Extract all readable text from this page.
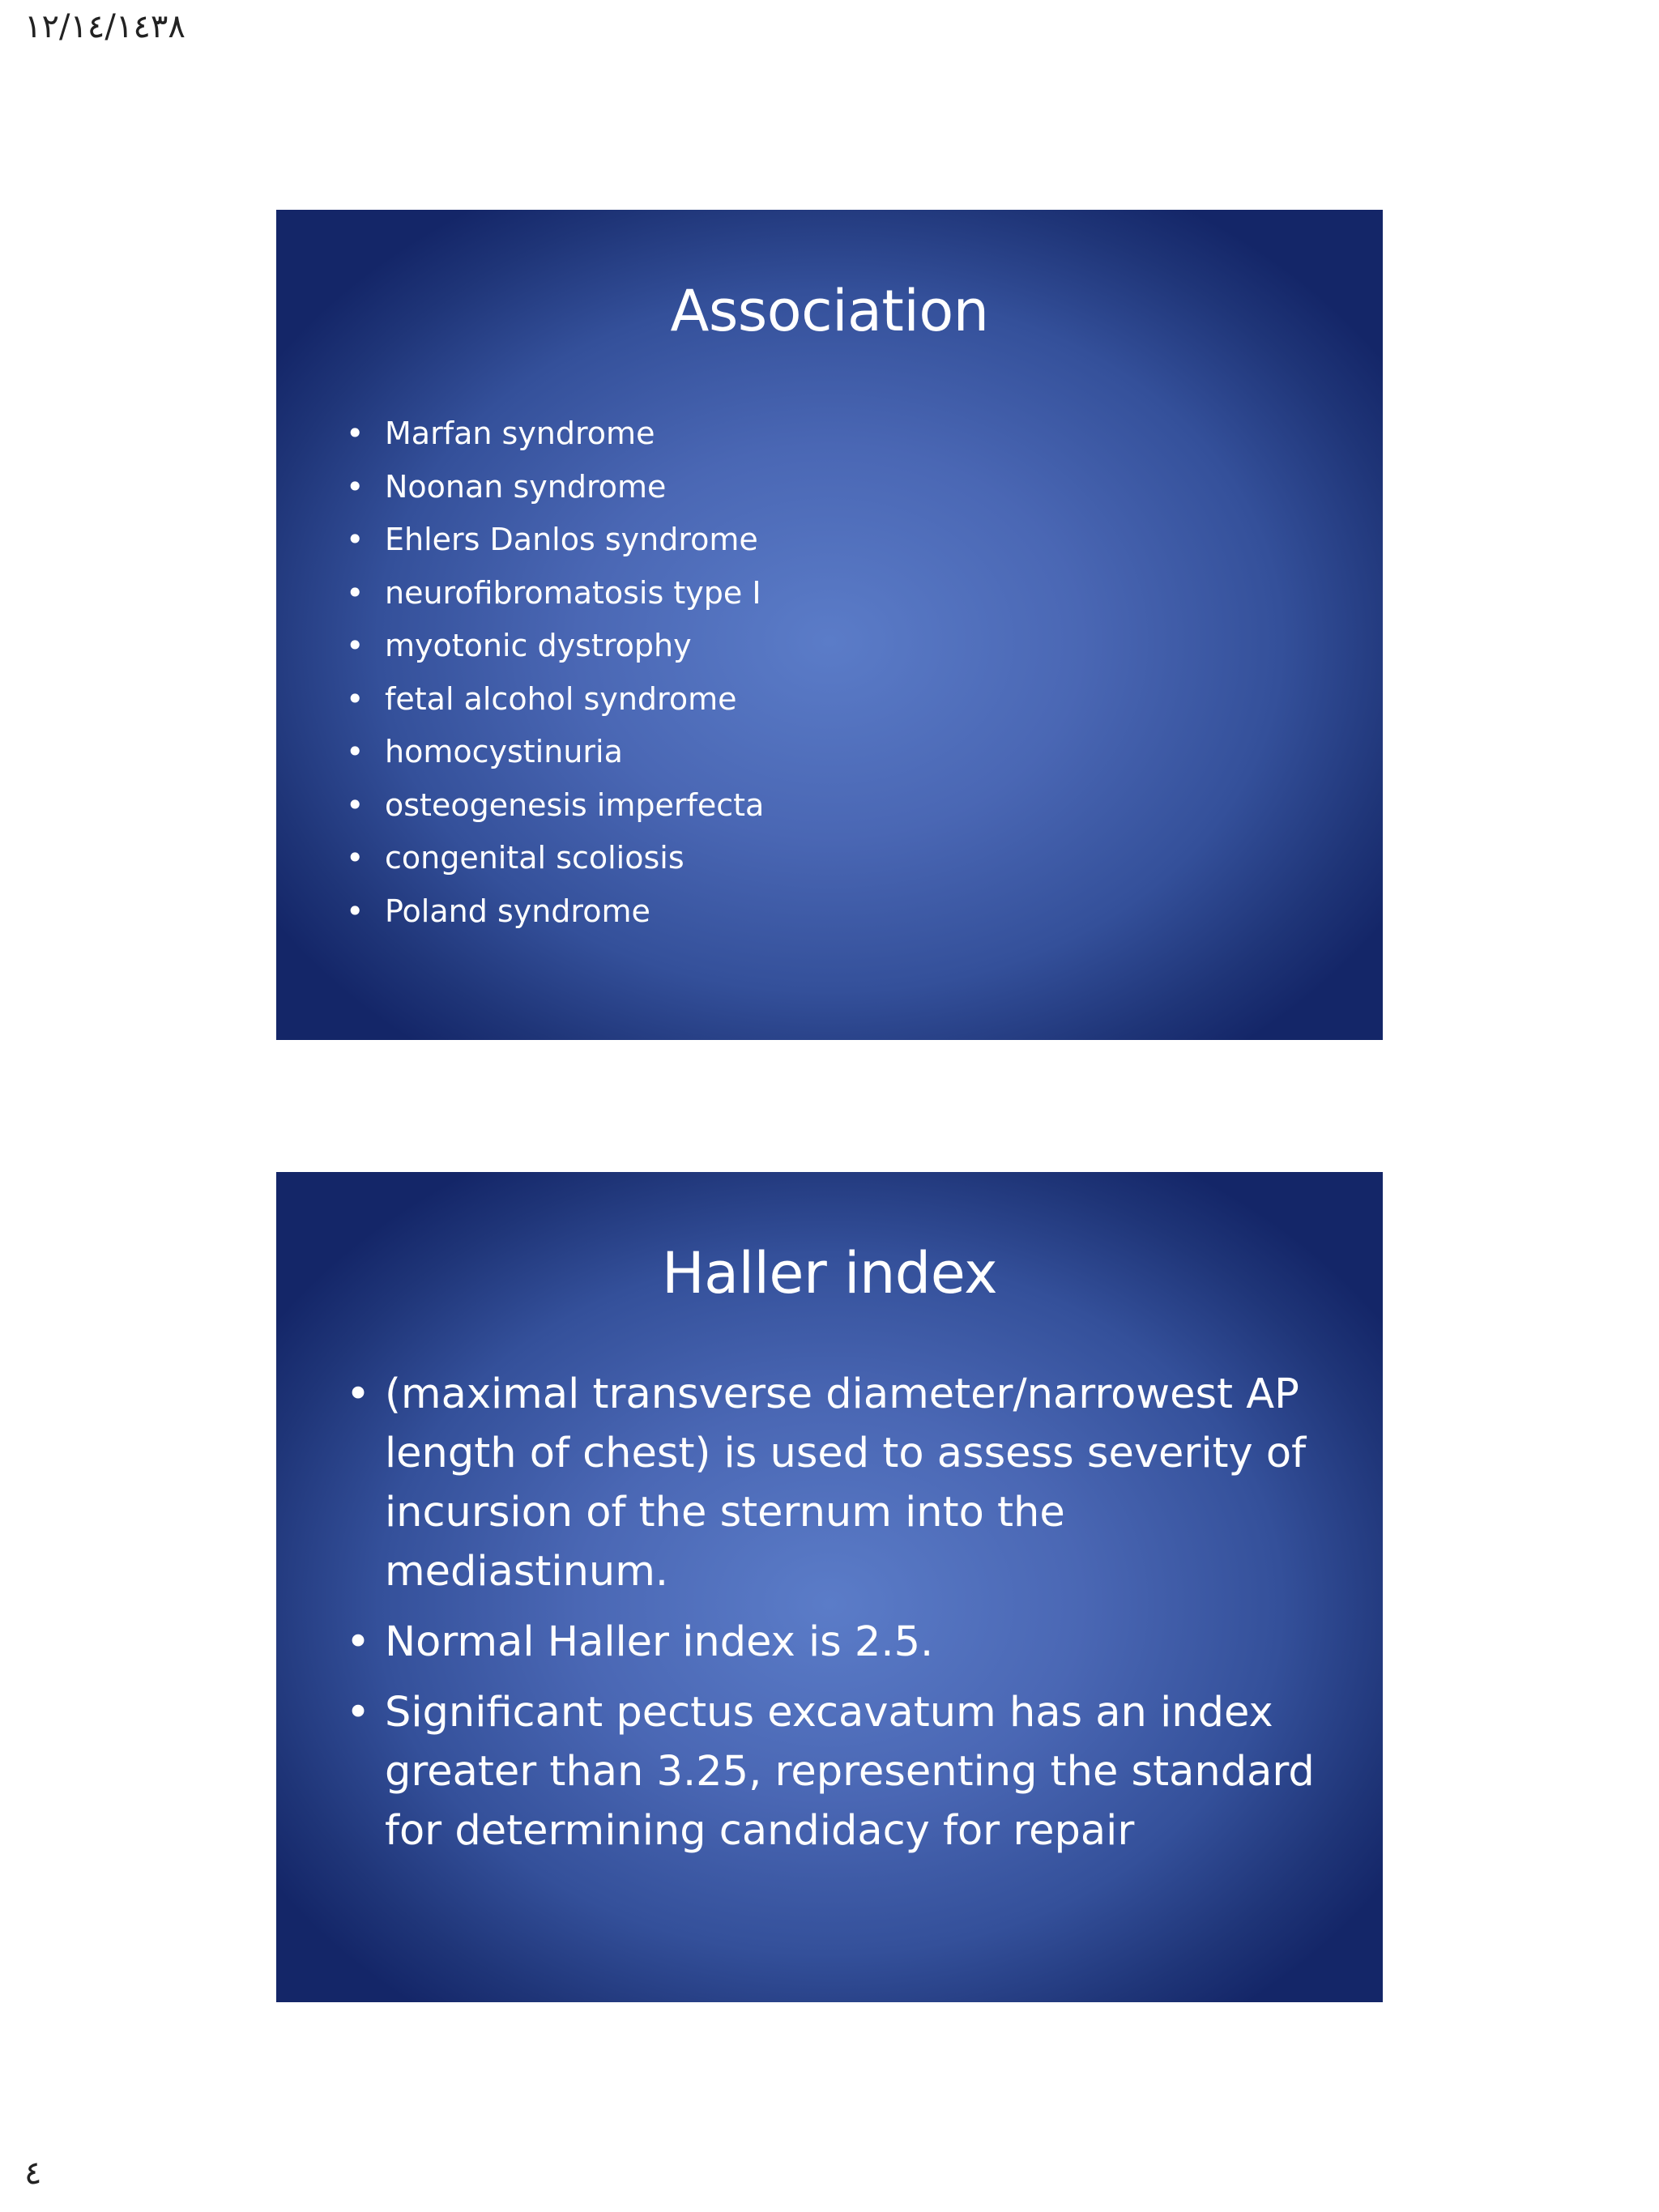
١٢/١٤/١٤٣٨
Association
• Marfan syndrome
• Noonan syndrome
• Ehlers Danlos syndrome
• neurofibromatosis type I
• myotonic dystrophy
• fetal alcohol syndrome
• homocystinuria
• osteogenesis imperfecta
• congenital scoliosis
• Poland syndrome
Haller index
• (maximal transverse diameter/narrowest AP length of chest) is used to assess severity of incursion of the sternum into the mediastinum.
• Normal Haller index is 2.5.
• Significant pectus excavatum has an index greater than 3.25, representing the standard for determining candidacy for repair
٤
